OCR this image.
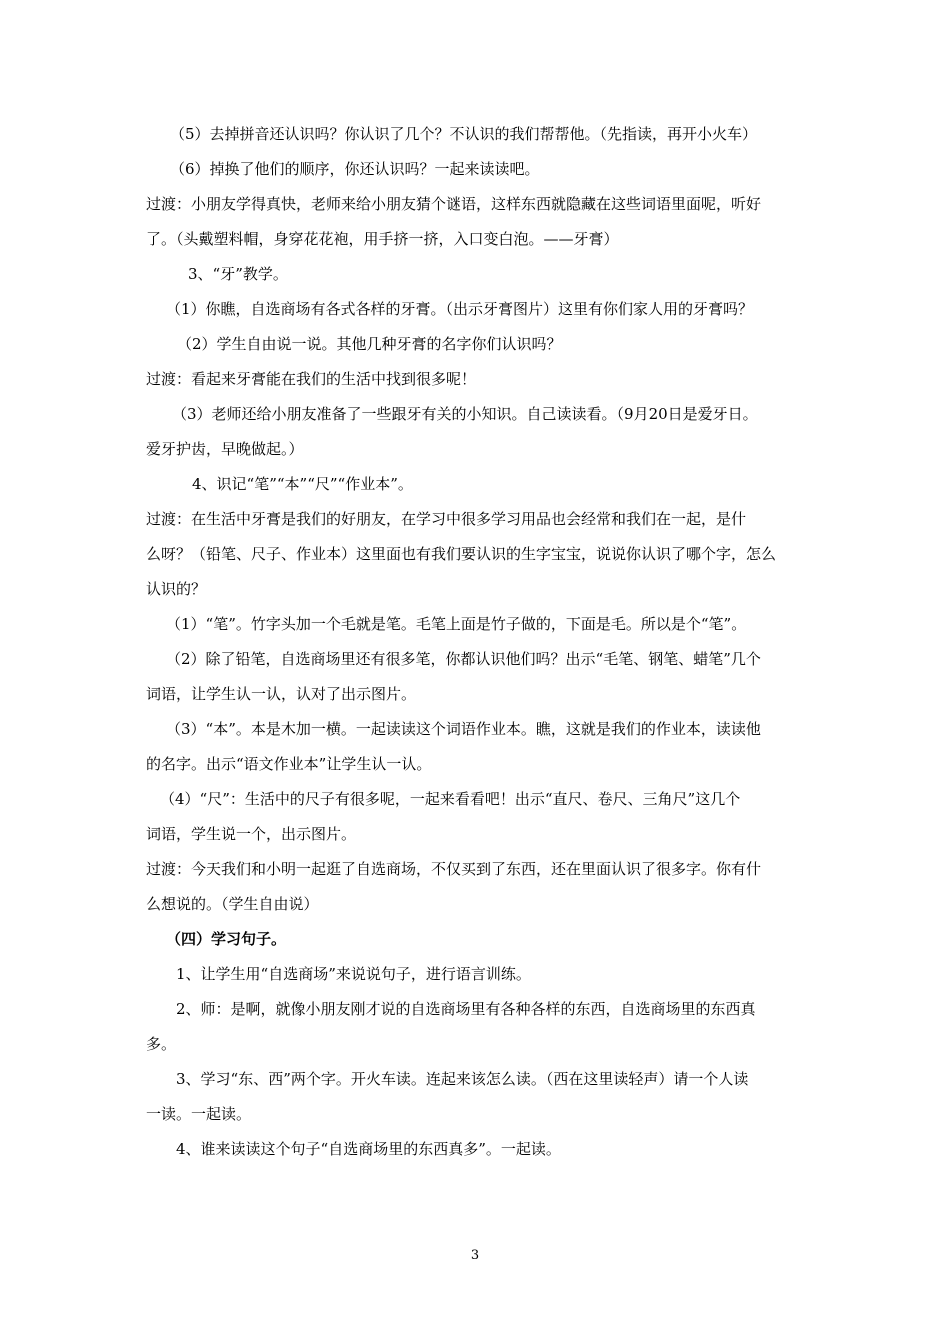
（5）去掉拼音还认识吗？你认识了几个？不认识的我们帮帮他。（先指读，再开小火车）
（6）掉换了他们的顺序，你还认识吗？一起来读读吧。
过渡：小朋友学得真快，老师来给小朋友猜个谜语，这样东西就隐藏在这些词语里面呢，听好
了。（头戴塑料帽，身穿花花袍，用手挤一挤，入口变白泡。——牙膏）
3、“牙”教学。
（1）你瞧，自选商场有各式各样的牙膏。（出示牙膏图片）这里有你们家人用的牙膏吗？
（2）学生自由说一说。其他几种牙膏的名字你们认识吗？
过渡：看起来牙膏能在我们的生活中找到很多呢！
（3）老师还给小朋友准备了一些跟牙有关的小知识。自己读读看。（9月20日是爱牙日。
爱牙护齿，早晚做起。）
4、识记“笔”“本”“尺”“作业本”。
过渡：在生活中牙膏是我们的好朋友，在学习中很多学习用品也会经常和我们在一起，是什
么呀？（铅笔、尺子、作业本）这里面也有我们要认识的生字宝宝，说说你认识了哪个字，怎么
认识的？
（1）“笔”。竹字头加一个毛就是笔。毛笔上面是竹子做的，下面是毛。所以是个“笔”。
（2）除了铅笔，自选商场里还有很多笔，你都认识他们吗？出示“毛笔、钢笔、蜡笔”几个
词语，让学生认一认，认对了出示图片。
（3）“本”。本是木加一横。一起读读这个词语作业本。瞧，这就是我们的作业本，读读他
的名字。出示“语文作业本”让学生认一认。
（4）“尺”：生活中的尺子有很多呢，一起来看看吧！出示“直尺、卷尺、三角尺”这几个
词语，学生说一个，出示图片。
过渡：今天我们和小明一起逛了自选商场，不仅买到了东西，还在里面认识了很多字。你有什
么想说的。（学生自由说）
（四）学习句子。
1、让学生用“自选商场”来说说句子，进行语言训练。
2、师：是啊，就像小朋友刚才说的自选商场里有各种各样的东西，自选商场里的东西真
多。
3、学习“东、西”两个字。开火车读。连起来该怎么读。（西在这里读轻声）请一个人读
一读。一起读。
4、谁来读读这个句子“自选商场里的东西真多”。一起读。
3
